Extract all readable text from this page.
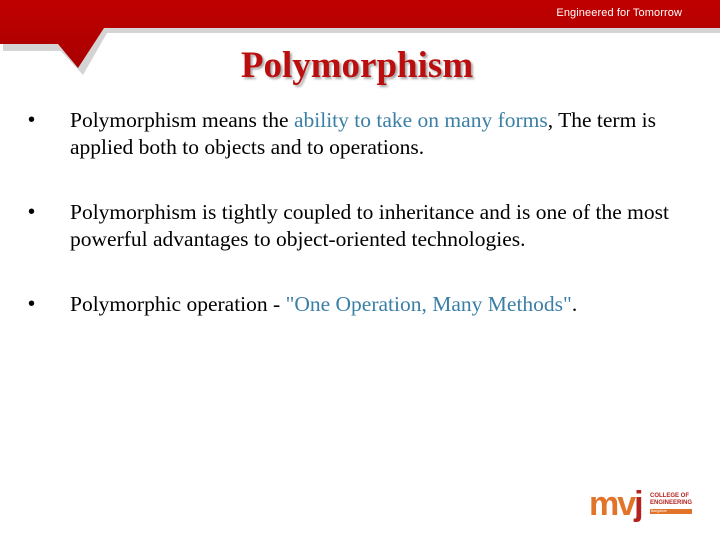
Engineered for Tomorrow
Polymorphism
• Polymorphism means the ability to take on many forms, The term is applied both to objects and to operations.
• Polymorphism is tightly coupled to inheritance and is one of the most powerful advantages to object-oriented technologies.
• Polymorphic operation - "One Operation, Many Methods".
mvj COLLEGE OF
ENGINEERING
Bangalore
